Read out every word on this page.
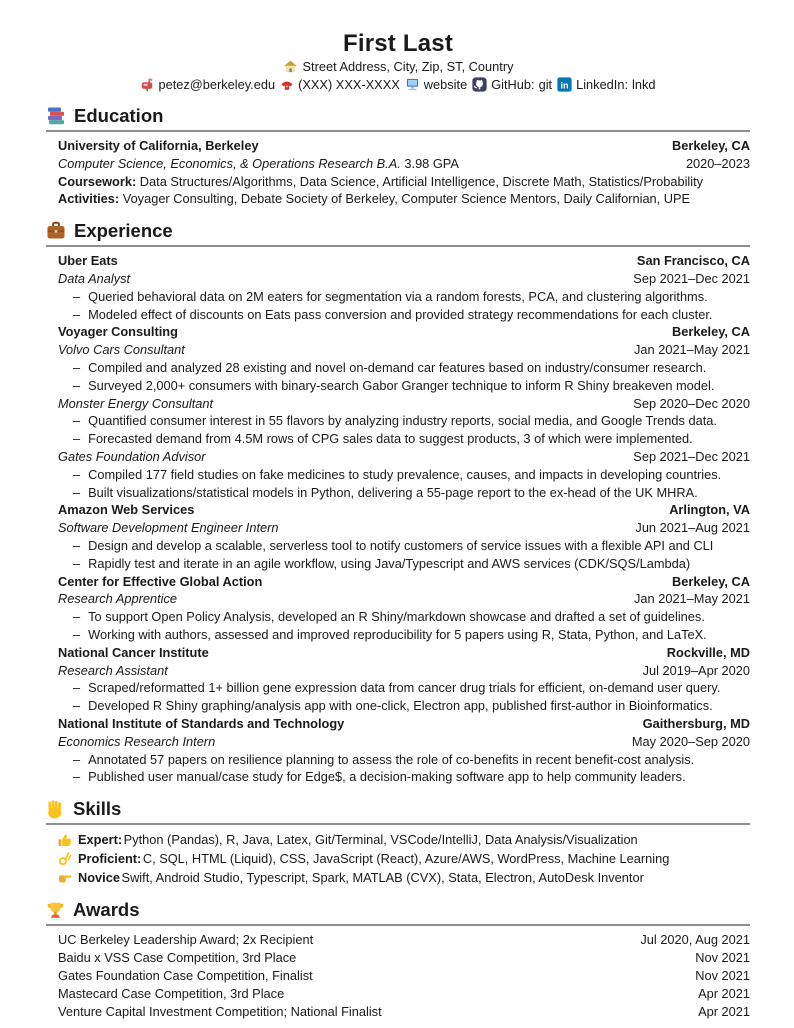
First Last
Street Address, City, Zip, ST, Country
petez@berkeley.edu (XXX) XXX-XXXX website GitHub: git in LinkedIn: lnkd
Education
University of California, Berkeley	Berkeley, CA
Computer Science, Economics, & Operations Research B.A. 3.98 GPA	2020–2023
Coursework: Data Structures/Algorithms, Data Science, Artificial Intelligence, Discrete Math, Statistics/Probability
Activities: Voyager Consulting, Debate Society of Berkeley, Computer Science Mentors, Daily Californian, UPE
Experience
Uber Eats	San Francisco, CA
Data Analyst	Sep 2021–Dec 2021
– Queried behavioral data on 2M eaters for segmentation via a random forests, PCA, and clustering algorithms.
– Modeled effect of discounts on Eats pass conversion and provided strategy recommendations for each cluster.
Voyager Consulting	Berkeley, CA
Volvo Cars Consultant	Jan 2021–May 2021
– Compiled and analyzed 28 existing and novel on-demand car features based on industry/consumer research.
– Surveyed 2,000+ consumers with binary-search Gabor Granger technique to inform R Shiny breakeven model.
Monster Energy Consultant	Sep 2020–Dec 2020
– Quantified consumer interest in 55 flavors by analyzing industry reports, social media, and Google Trends data.
– Forecasted demand from 4.5M rows of CPG sales data to suggest products, 3 of which were implemented.
Gates Foundation Advisor	Sep 2021–Dec 2021
– Compiled 177 field studies on fake medicines to study prevalence, causes, and impacts in developing countries.
– Built visualizations/statistical models in Python, delivering a 55-page report to the ex-head of the UK MHRA.
Amazon Web Services	Arlington, VA
Software Development Engineer Intern	Jun 2021–Aug 2021
– Design and develop a scalable, serverless tool to notify customers of service issues with a flexible API and CLI
– Rapidly test and iterate in an agile workflow, using Java/Typescript and AWS services (CDK/SQS/Lambda)
Center for Effective Global Action	Berkeley, CA
Research Apprentice	Jan 2021–May 2021
– To support Open Policy Analysis, developed an R Shiny/markdown showcase and drafted a set of guidelines.
– Working with authors, assessed and improved reproducibility for 5 papers using R, Stata, Python, and LaTeX.
National Cancer Institute	Rockville, MD
Research Assistant	Jul 2019–Apr 2020
– Scraped/reformatted 1+ billion gene expression data from cancer drug trials for efficient, on-demand user query.
– Developed R Shiny graphing/analysis app with one-click, Electron app, published first-author in Bioinformatics.
National Institute of Standards and Technology	Gaithersburg, MD
Economics Research Intern	May 2020–Sep 2020
– Annotated 57 papers on resilience planning to assess the role of co-benefits in recent benefit-cost analysis.
– Published user manual/case study for Edge$, a decision-making software app to help community leaders.
Skills
Expert: Python (Pandas), R, Java, Latex, Git/Terminal, VSCode/IntelliJ, Data Analysis/Visualization
Proficient: C, SQL, HTML (Liquid), CSS, JavaScript (React), Azure/AWS, WordPress, Machine Learning
Novice Swift, Android Studio, Typescript, Spark, MATLAB (CVX), Stata, Electron, AutoDesk Inventor
Awards
UC Berkeley Leadership Award; 2x Recipient	Jul 2020, Aug 2021
Baidu x VSS Case Competition, 3rd Place	Nov 2021
Gates Foundation Case Competition, Finalist	Nov 2021
Mastecard Case Competition, 3rd Place	Apr 2021
Venture Capital Investment Competition; National Finalist	Apr 2021
